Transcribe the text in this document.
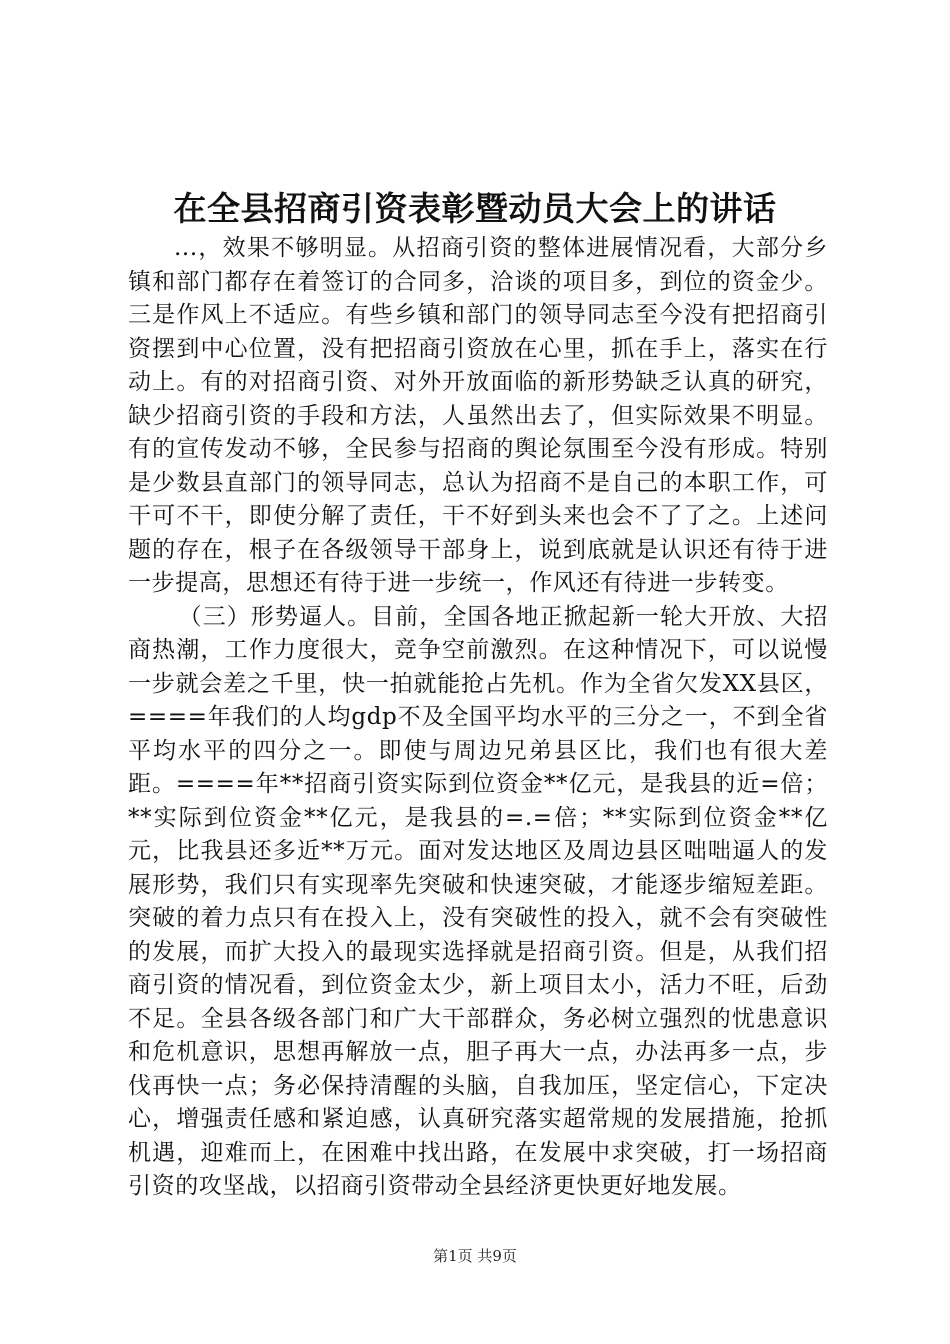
在全县招商引资表彰暨动员大会上的讲话

...，效果不够明显。从招商引资的整体进展情况看，大部分乡镇和部门都存在着签订的合同多，洽谈的项目多，到位的资金少。三是作风上不适应。有些乡镇和部门的领导同志至今没有把招商引资摆到中心位置，没有把招商引资放在心里，抓在手上，落实在行动上。有的对招商引资、对外开放面临的新形势缺乏认真的研究，缺少招商引资的手段和方法，人虽然出去了，但实际效果不明显。有的宣传发动不够，全民参与招商的舆论氛围至今没有形成。特别是少数县直部门的领导同志，总认为招商不是自己的本职工作，可干可不干，即使分解了责任，干不好到头来也会不了了之。上述问题的存在，根子在各级领导干部身上，说到底就是认识还有待于进一步提高，思想还有待于进一步统一，作风还有待进一步转变。

（三）形势逼人。目前，全国各地正掀起新一轮大开放、大招商热潮，工作力度很大，竞争空前激烈。在这种情况下，可以说慢一步就会差之千里，快一拍就能抢占先机。作为全省欠发XX县区，====年我们的人均gdp不及全国平均水平的三分之一，不到全省平均水平的四分之一。即使与周边兄弟县区比，我们也有很大差距。====年**招商引资实际到位资金**亿元，是我县的近=倍；**实际到位资金**亿元，是我县的=.=倍；**实际到位资金**亿元，比我县还多近**万元。面对发达地区及周边县区咄咄逼人的发展形势，我们只有实现率先突破和快速突破，才能逐步缩短差距。突破的着力点只有在投入上，没有突破性的投入，就不会有突破性的发展，而扩大投入的最现实选择就是招商引资。但是，从我们招商引资的情况看，到位资金太少，新上项目太小，活力不旺，后劲不足。全县各级各部门和广大干部群众，务必树立强烈的忧患意识和危机意识，思想再解放一点，胆子再大一点，办法再多一点，步伐再快一点；务必保持清醒的头脑，自我加压，坚定信心，下定决心，增强责任感和紧迫感，认真研究落实超常规的发展措施，抢抓机遇，迎难而上，在困难中找出路，在发展中求突破，打一场招商引资的攻坚战，以招商引资带动全县经济更快更好地发展。

第1页 共9页
